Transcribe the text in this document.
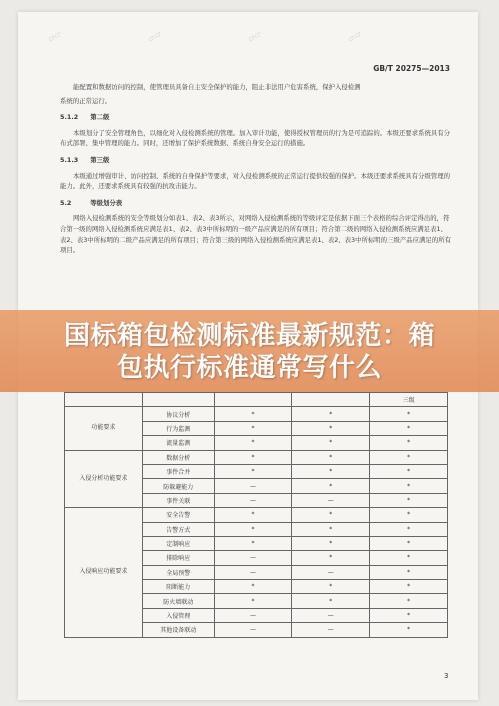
GB/T 20275—2013
▱▱	▱▱	▱▱	▱▱

能配置和数据访问的控制，使管理员具备自主安全保护的能力，阻止非法用户危害系统，保护入侵检测

系统的正常运行。

5.1.2 第二级

本级划分了安全管理角色，以细化对入侵检测系统的管理。加入审计功能，使得授权管理员的行为是可追踪的。本级还要求系统具有分布式部署、集中管理的能力。同时，还增加了保护系统数据、系统自身安全运行的措施。

5.1.3 第三级

本级通过增强审计、访问控制、系统的自身保护等要求，对入侵检测系统的正常运行提供较强的保护。本级还要求系统具有分级管理的能力。此外，还要求系统具有较强的抗攻击能力。

5.2	等级划分表

网络入侵检测系统的安全等级划分如表1、表2、表3所示，对网络入侵检测系统的等级评定是依据下面三个表格的综合评定得出的，符合第一级的网络入侵检测系统应满足表1、表2、表3中所标明的一级产品应满足的所有项目；符合第二级的网络入侵检测系统应满足表1、表2、表3中所标明的二级产品应满足的所有项目；符合第三级的网络入侵检测系统应满足表1、表2、表3中所标明的三级产品应满足的所有项目。

				三级
功能要求	协议分析	*	*	*
	行为监测	*	*	*
	流量监测	*	*	*
入侵分析功能要求	数据分析	*	*	*
	事件合并	*	*	*
	防躲避能力	—	*	*
	事件关联	—	—	*
入侵响应功能要求	安全告警	*	*	*
	告警方式	*	*	*
	定制响应	*	*	*
	排除响应	—	*	*
	全局预警	—	—	*
	阻断能力	*	*	*
	防火墙联动	*	*	*
	入侵管理	—	—	*
	其他设备联动	—	—	*
3
国标箱包检测标准最新规范：箱
包执行标准通常写什么
